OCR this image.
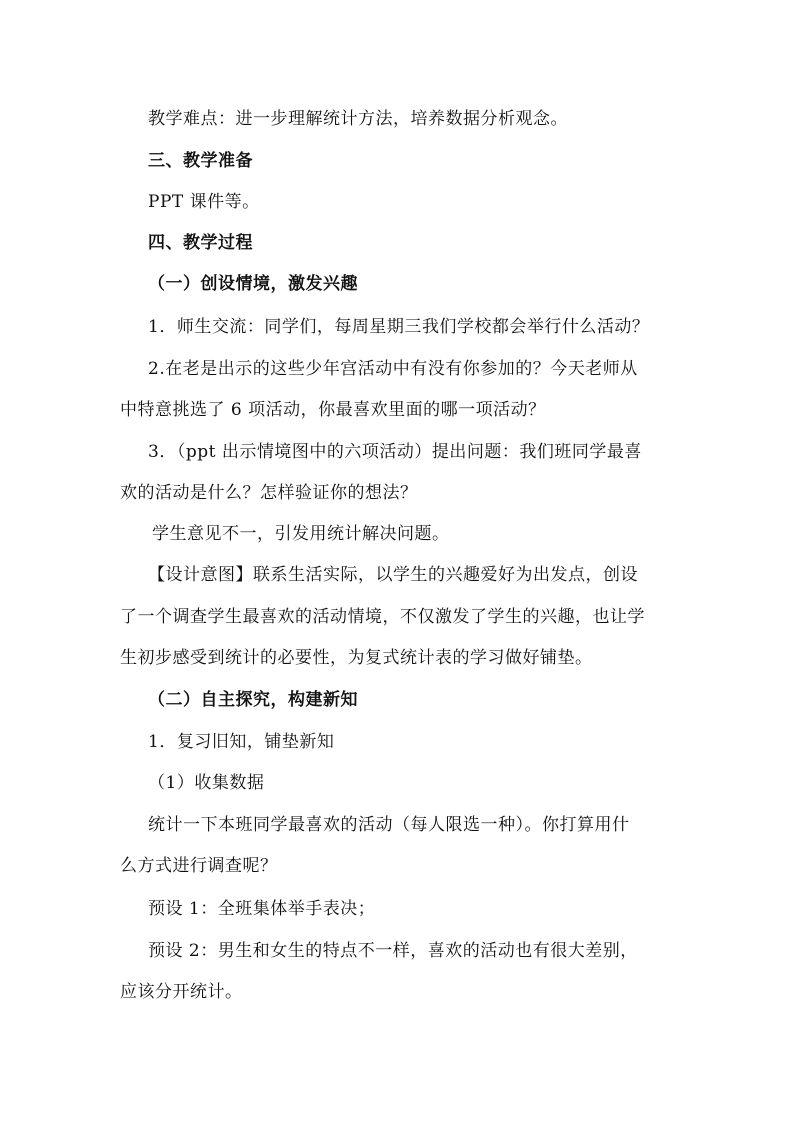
教学难点：进一步理解统计方法，培养数据分析观念。
三、教学准备
PPT 课件等。
四、教学过程
（一）创设情境，激发兴趣
1．师生交流：同学们，每周星期三我们学校都会举行什么活动？
2.在老是出示的这些少年宫活动中有没有你参加的？今天老师从
中特意挑选了 6 项活动，你最喜欢里面的哪一项活动？
3．（ppt 出示情境图中的六项活动）提出问题：我们班同学最喜
欢的活动是什么？怎样验证你的想法？
学生意见不一，引发用统计解决问题。
【设计意图】联系生活实际，以学生的兴趣爱好为出发点，创设
了一个调查学生最喜欢的活动情境，不仅激发了学生的兴趣，也让学
生初步感受到统计的必要性，为复式统计表的学习做好铺垫。
（二）自主探究，构建新知
1．复习旧知，铺垫新知
（1）收集数据
统计一下本班同学最喜欢的活动（每人限选一种）。你打算用什
么方式进行调查呢？
预设 1：全班集体举手表决；
预设 2：男生和女生的特点不一样，喜欢的活动也有很大差别，
应该分开统计。
